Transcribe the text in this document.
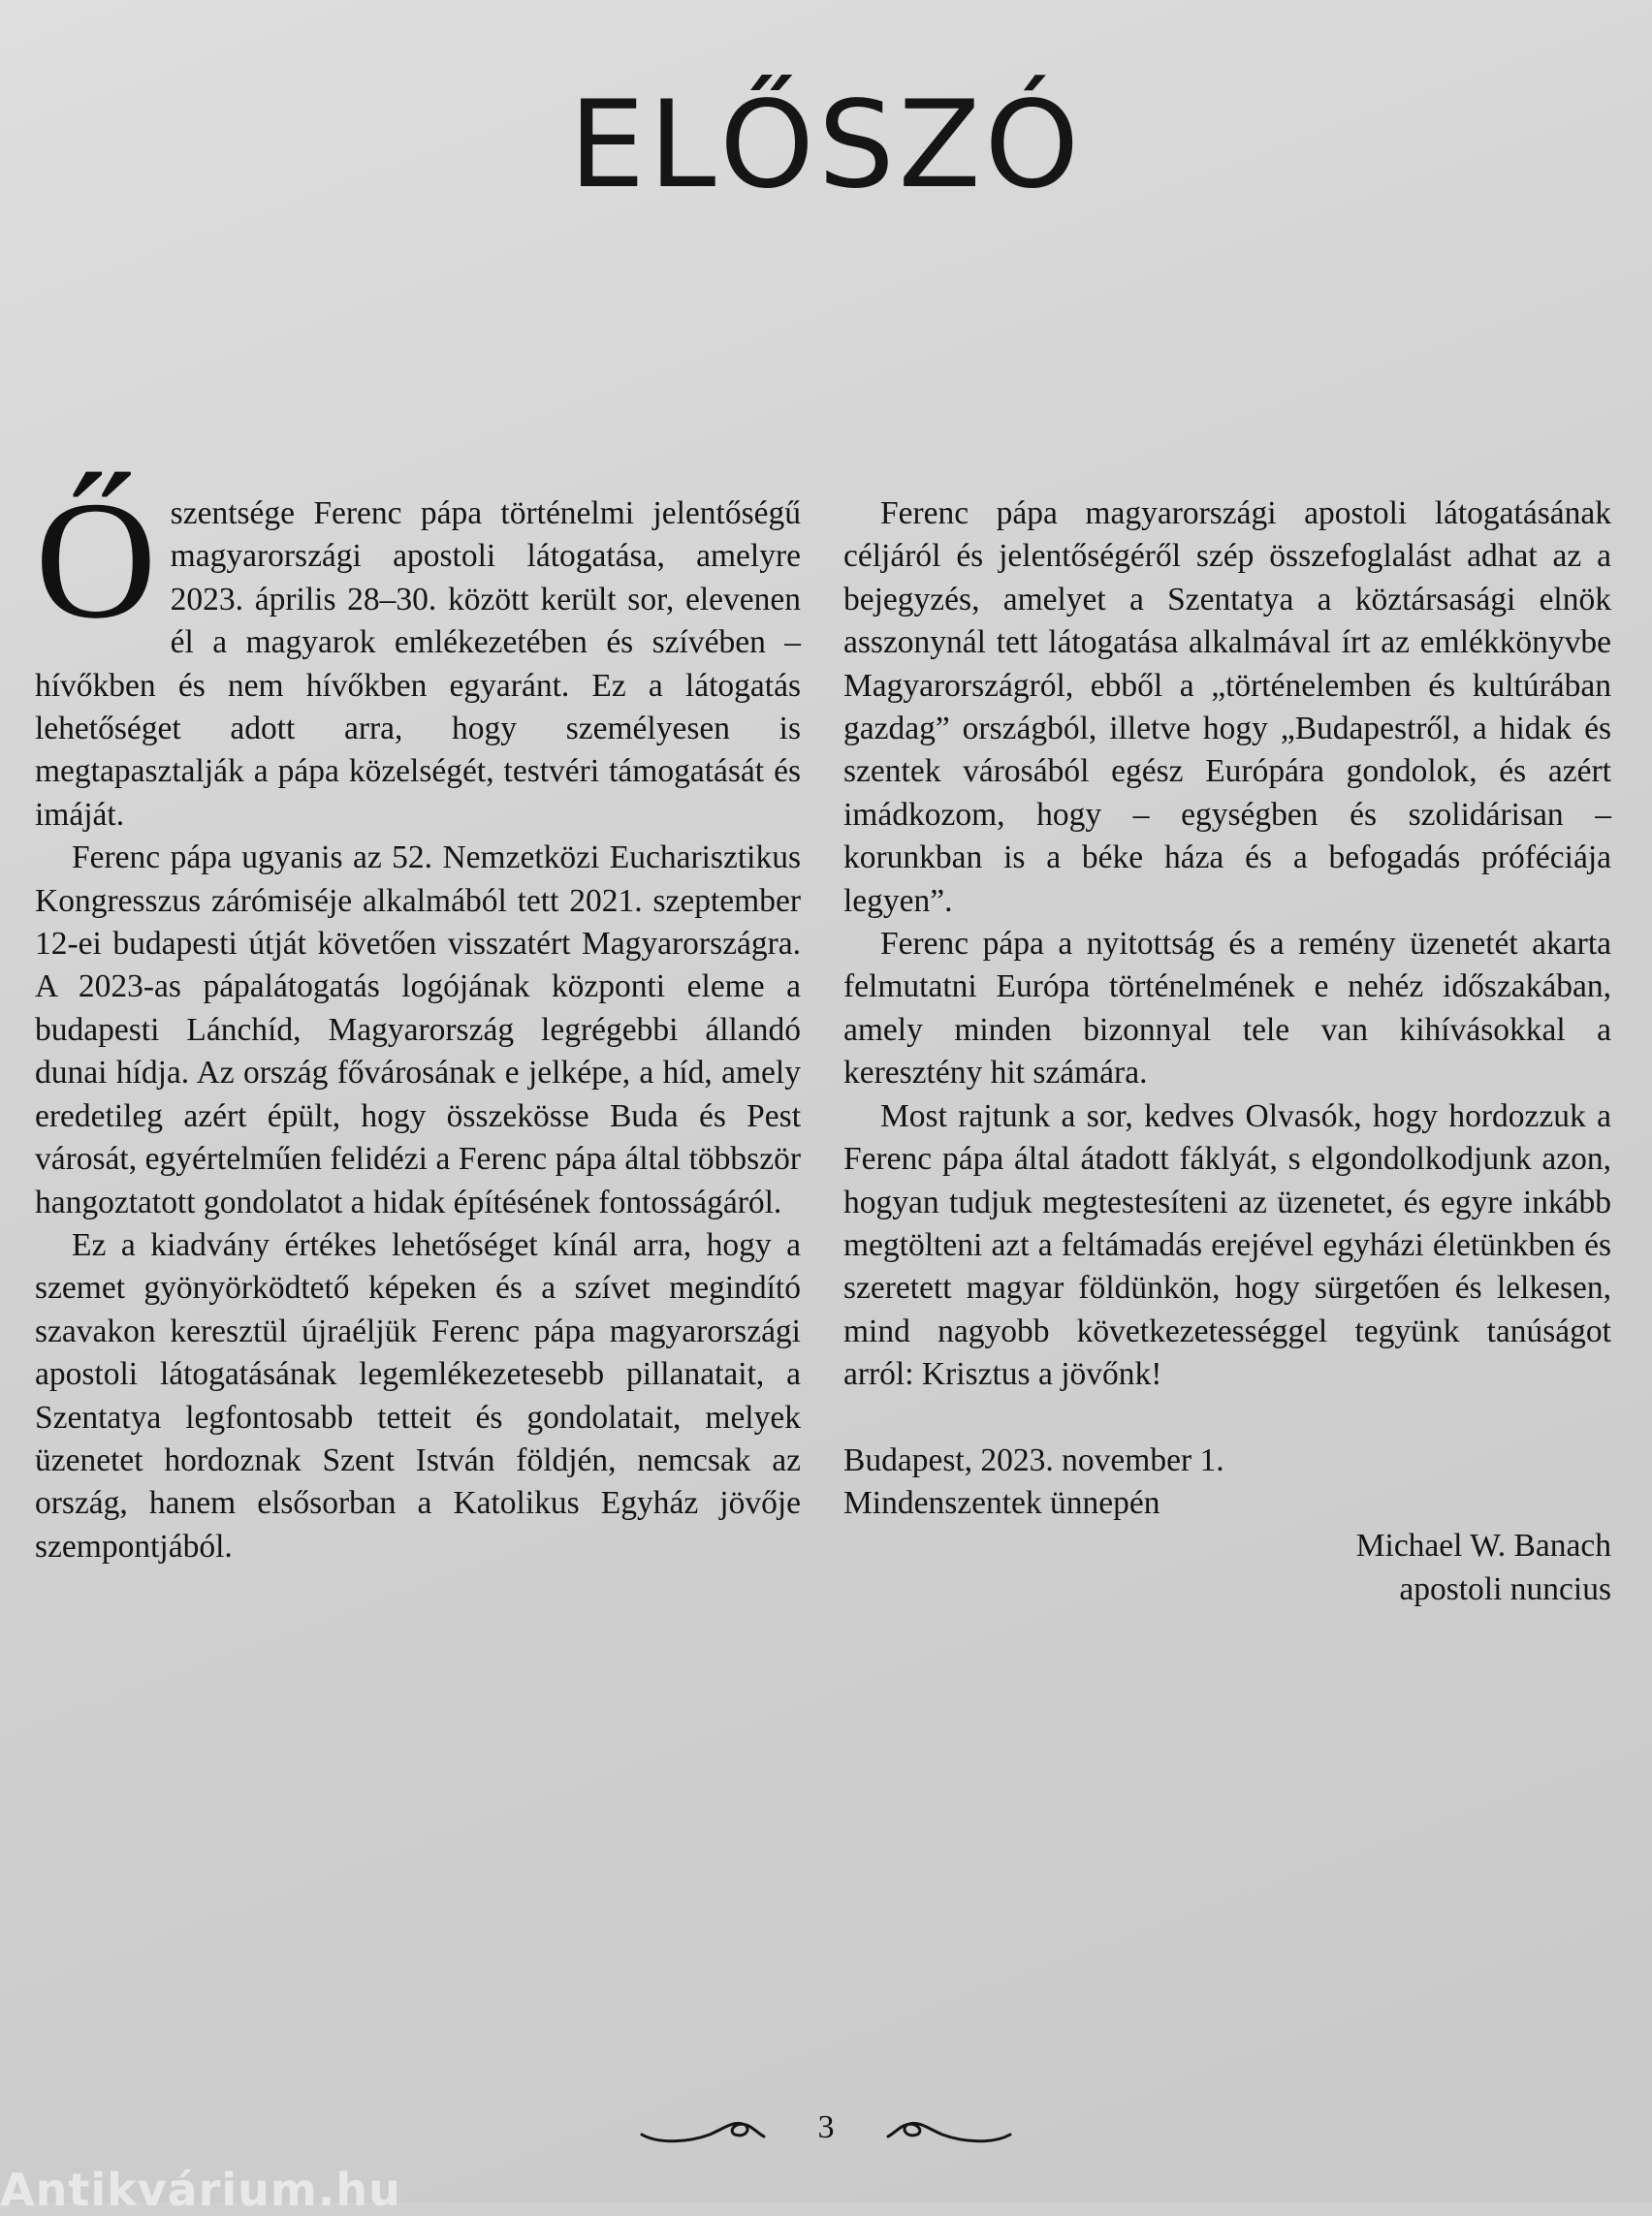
ELŐSZÓ

Őszentsége Ferenc pápa történelmi jelentőségű magyarországi apostoli látogatása, amelyre 2023. április 28–30. között került sor, elevenen él a magyarok emlékezetében és szívében – hívőkben és nem hívőkben egyaránt. Ez a látogatás lehetőséget adott arra, hogy személyesen is megtapasztalják a pápa közelségét, testvéri támogatását és imáját.

Ferenc pápa ugyanis az 52. Nemzetközi Eucharisztikus Kongresszus zárómiséje alkalmából tett 2021. szeptember 12-ei budapesti útját követően visszatért Magyarországra. A 2023-as pápalátogatás logójának központi eleme a budapesti Lánchíd, Magyarország legrégebbi állandó dunai hídja. Az ország fővárosának e jelképe, a híd, amely eredetileg azért épült, hogy összekösse Buda és Pest városát, egyértelműen felidézi a Ferenc pápa által többször hangoztatott gondolatot a hidak építésének fontosságáról.

Ez a kiadvány értékes lehetőséget kínál arra, hogy a szemet gyönyörködtető képeken és a szívet megindító szavakon keresztül újraéljük Ferenc pápa magyarországi apostoli látogatásának legemlékezetesebb pillanatait, a Szentatya legfontosabb tetteit és gondolatait, melyek üzenetet hordoznak Szent István földjén, nemcsak az ország, hanem elsősorban a Katolikus Egyház jövője szempontjából.

Ferenc pápa magyarországi apostoli látogatásának céljáról és jelentőségéről szép összefoglalást adhat az a bejegyzés, amelyet a Szentatya a köztársasági elnök asszonynál tett látogatása alkalmával írt az emlékkönyvbe Magyarországról, ebből a „történelemben és kultúrában gazdag” országból, illetve hogy „Budapestről, a hidak és szentek városából egész Európára gondolok, és azért imádkozom, hogy – egységben és szolidárisan – korunkban is a béke háza és a befogadás próféciája legyen”.

Ferenc pápa a nyitottság és a remény üzenetét akarta felmutatni Európa történelmének e nehéz időszakában, amely minden bizonnyal tele van kihívásokkal a keresztény hit számára.

Most rajtunk a sor, kedves Olvasók, hogy hordozzuk a Ferenc pápa által átadott fáklyát, s elgondolkodjunk azon, hogyan tudjuk megtestesíteni az üzenetet, és egyre inkább megtölteni azt a feltámadás erejével egyházi életünkben és szeretett magyar földünkön, hogy sürgetően és lelkesen, mind nagyobb következetességgel tegyünk tanúságot arról: Krisztus a jövőnk!

Budapest, 2023. november 1.

Mindenszentek ünnepén

Michael W. Banach

apostoli nuncius

3
Antikvárium.hu
